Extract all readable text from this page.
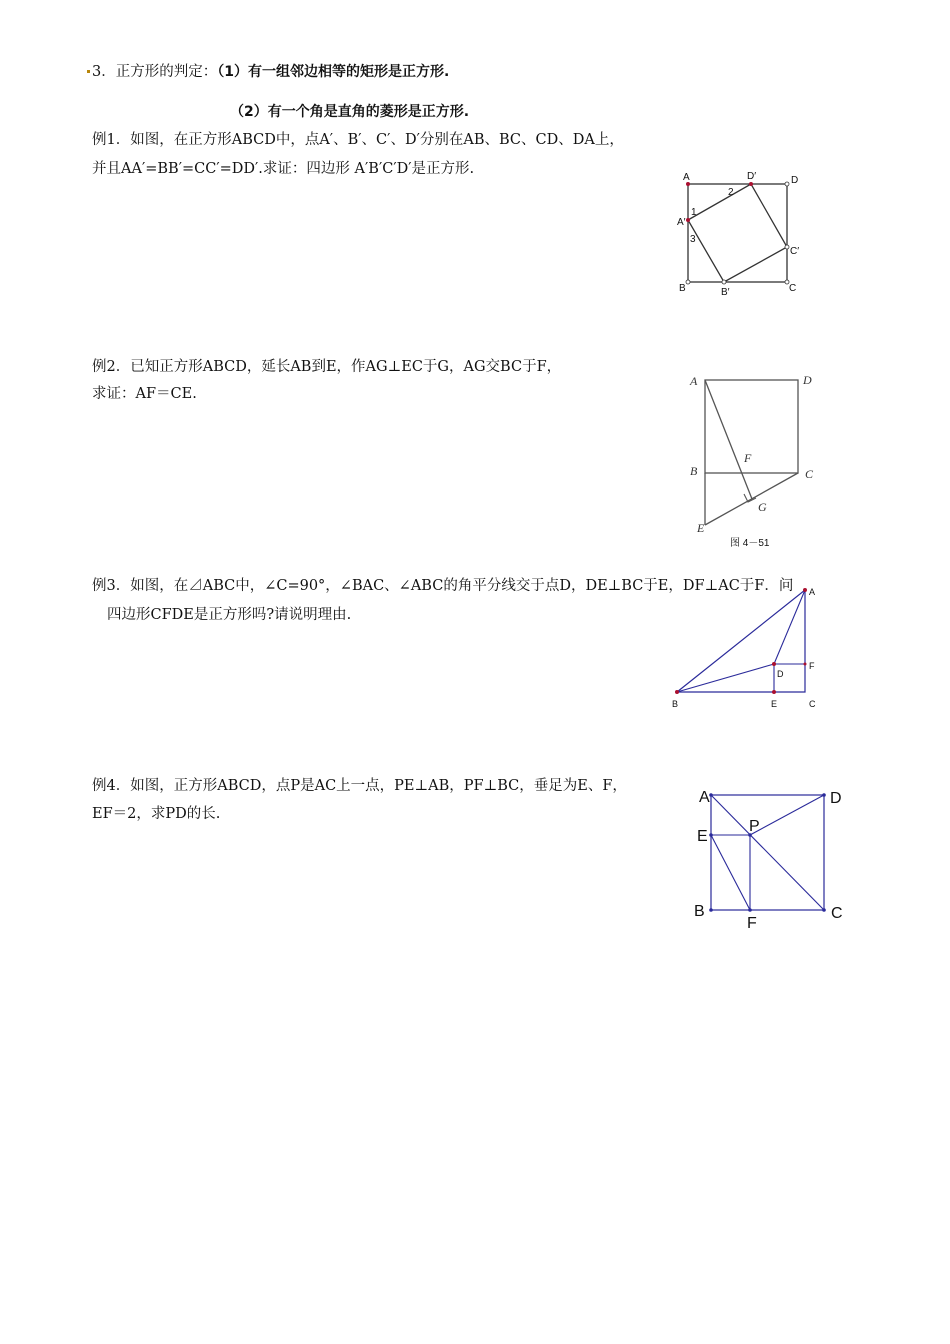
3．正方形的判定：（1）有一组邻边相等的矩形是正方形.
（2）有一个角是直角的菱形是正方形.
例1．如图，在正方形ABCD中，点A′、B′、C′、D′分别在AB、BC、CD、DA上，
并且AA′=BB′=CC′=DD′.求证：四边形 A′B′C′D′是正方形.
A	D′	D
2
1
A′
3
C′
B	B′	C
例2．已知正方形ABCD，延长AB到E，作AG⊥EC于G，AG交BC于F，
求证：AF＝CE.
A	D
B
F
C
G
E
图 4－51
例3．如图，在⊿ABC中，∠C=90°，∠BAC、∠ABC的角平分线交于点D，DE⊥BC于E，DF⊥AC于F．问
四边形CFDE是正方形吗?请说明理由.
A
F
D
B	E	C
例4．如图，正方形ABCD，点P是AC上一点，PE⊥AB，PF⊥BC，垂足为E、F，
EF＝2，求PD的长.
A	D
E
P
B
F
C
